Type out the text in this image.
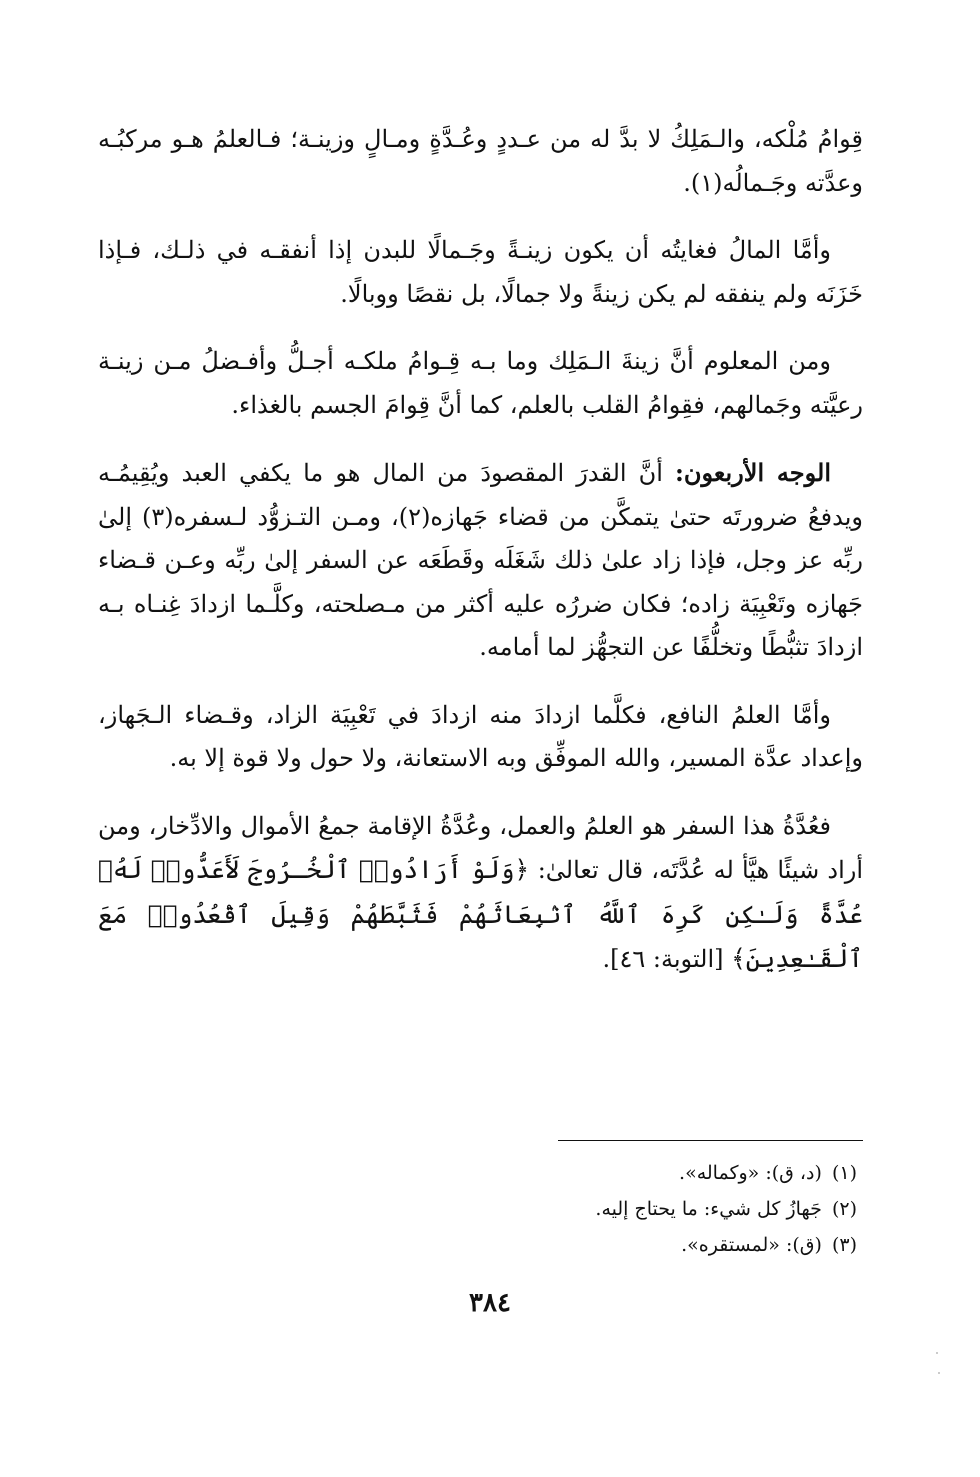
قِوامُ مُلْكه، والـمَلِكُ لا بدَّ له من عـددٍ وعُـدَّةٍ ومـالٍ وزينـة؛ فـالعلمُ هـو مركبُـه وعدَّته وجَـمالُه(١).

وأمَّا المالُ فغايتُه أن يكون زينـةً وجَـمالًا للبدن إذا أنفقـه في ذلـك، فـإذا خَزَنَه ولم ينفقه لم يكن زينةً ولا جمالًا، بل نقصًا ووبالًا.

ومن المعلوم أنَّ زينةَ الـمَلِك وما بـه قِـوامُ ملكـه أجـلُّ وأفـضلُ مـن زينـة رعيَّته وجَمالهم، فقِوامُ القلب بالعلم، كما أنَّ قِوامَ الجسم بالغذاء.

الوجه الأربعون: أنَّ القدرَ المقصودَ من المال هو ما يكفي العبد ويُقِيمُـه ويدفعُ ضرورتَه حتىٰ يتمكَّن من قضاء جَهازه(٢)، ومـن التـزوُّد لـسفره(٣) إلىٰ ربِّه عز وجل، فإذا زاد علىٰ ذلك شَغَلَه وقَطَعَه عن السفر إلىٰ ربِّه وعـن قـضاء جَهازه وتَعْبِيَة زاده؛ فكان ضررُه عليه أكثر من مـصلحته، وكلَّـما ازدادَ غِنـاه بـه ازدادَ تثبُّطًا وتخلُّفًا عن التجهُّز لما أمامه.

وأمَّا العلمُ النافع، فكلَّما ازدادَ منه ازدادَ في تَعْبِيَة الزاد، وقـضاء الـجَهاز، وإعداد عدَّة المسير، والله الموفِّق وبه الاستعانة، ولا حول ولا قوة إلا به.

فعُدَّةُ هذا السفر هو العلمُ والعمل، وعُدَّةُ الإقامة جمعُ الأموال والادِّخار، ومن أراد شيئًا هيَّأ له عُدَّتَه، قال تعالىٰ: ﴿وَلَوْ أَرَادُوا۟ ٱلْخُـرُوجَ لَأَعَدُّوا۟ لَهُۥ عُدَّةً وَلَـٰكِن كَرِهَ ٱللَّهُ ٱنۢبِعَاثَهُمْ فَثَبَّطَهُمْ وَقِيلَ ٱقْعُدُوا۟ مَعَ ٱلْقَـٰعِدِينَ﴾ [التوبة: ٤٦].

(١)(د، ق): «وكماله».
(٢)جَهازُ كل شيء: ما يحتاج إليه.
(٣)(ق): «لمستقره».
٣٨٤
